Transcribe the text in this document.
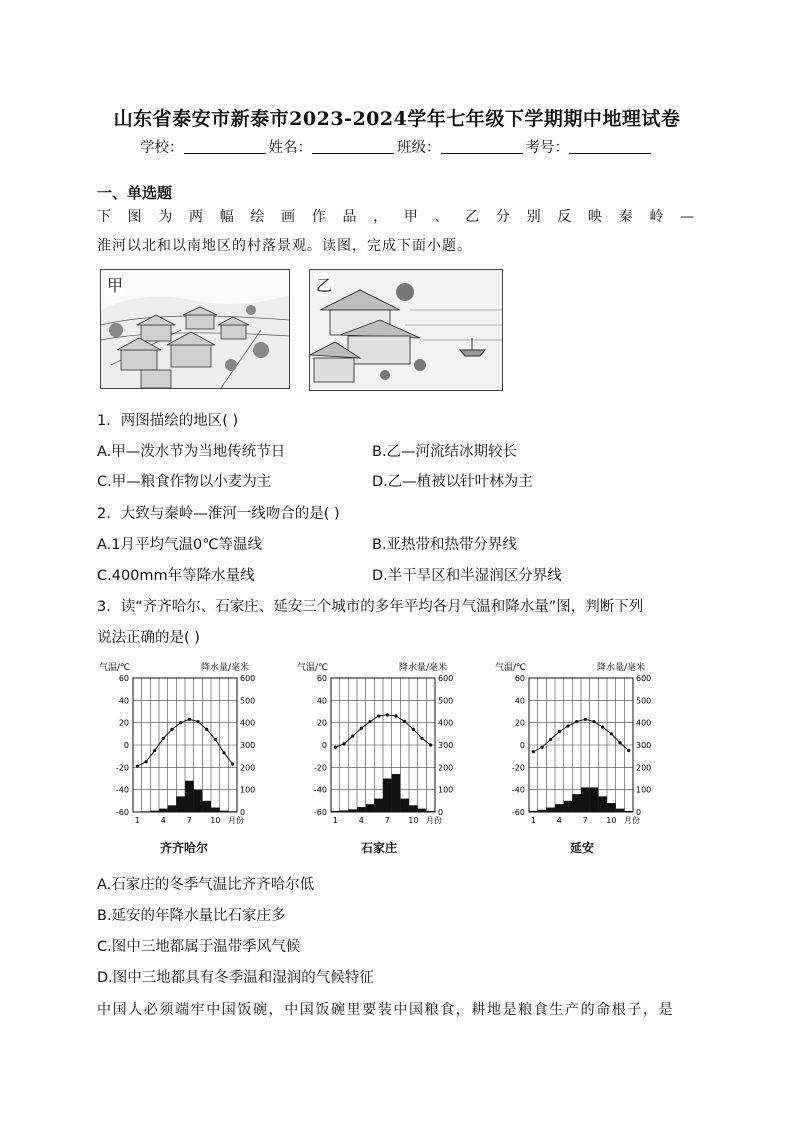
山东省泰安市新泰市2023-2024学年七年级下学期期中地理试卷
学校：	姓名：	班级：	考号：
一、单选题
下图为两幅绘画作品，甲、乙分别反映秦岭—
淮河以北和以南地区的村落景观。读图，完成下面小题。
甲	乙
1．两图描绘的地区( )
A.甲—泼水节为当地传统节日	B.乙—河流结冰期较长
C.甲—粮食作物以小麦为主	D.乙—植被以针叶林为主
2．大致与秦岭—淮河一线吻合的是( )
A.1月平均气温0℃等温线	B.亚热带和热带分界线
C.400mm年等降水量线	D.半干旱区和半湿润区分界线
3．读“齐齐哈尔、石家庄、延安三个城市的多年平均各月气温和降水量”图，判断下列
说法正确的是( )
气温/℃	降水量/毫米
60	600
40	500
20	400
0	300
-20	200
-40	100
-60	0
1	4	7 10 月份
气温/℃	降水量/毫米
60	600
40	500
20	400
0	300
-20	200
-40	100
-60	0
1	4	7 10 月份
气温/℃	降水量/毫米
60	600
40	500
20	400
0	300
-20	200
-40	100
-60	0
1	4	7 10 月份
齐齐哈尔	石家庄	延安
A.石家庄的冬季气温比齐齐哈尔低
B.延安的年降水量比石家庄多
C.图中三地都属于温带季风气候
D.图中三地都具有冬季温和湿润的气候特征
中国人必须端牢中国饭碗，中国饭碗里要装中国粮食，耕地是粮食生产的命根子，是
